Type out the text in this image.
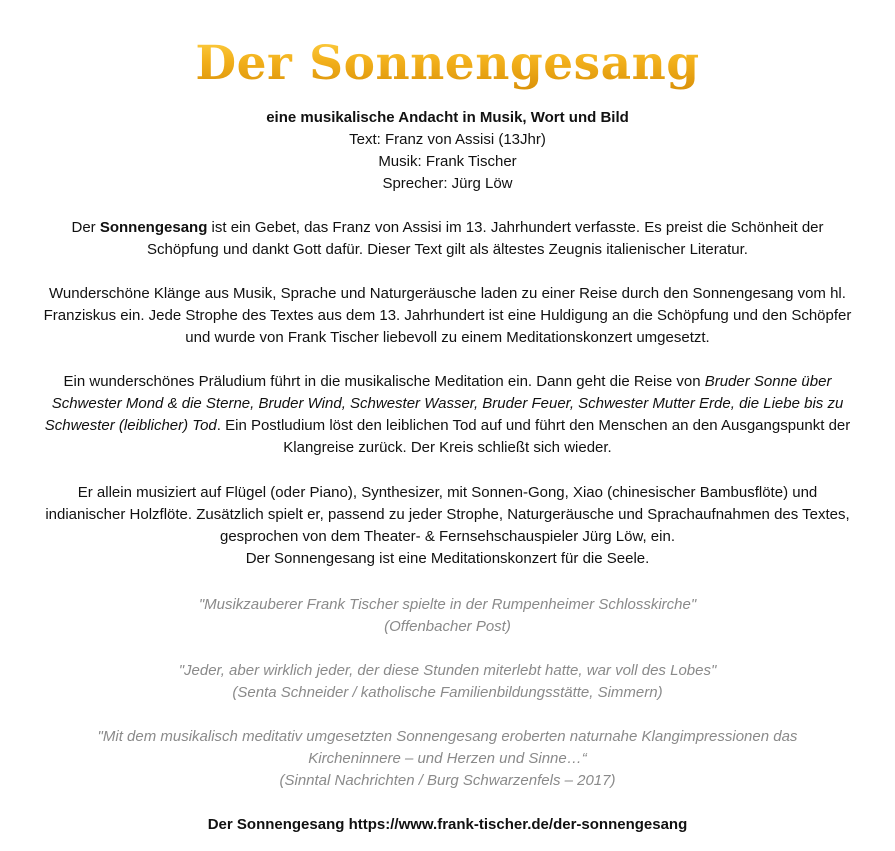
Der Sonnengesang

eine musikalische Andacht in Musik, Wort und Bild

Text: Franz von Assisi (13Jhr)

Musik: Frank Tischer

Sprecher: Jürg Löw

Der Sonnengesang ist ein Gebet, das Franz von Assisi im 13. Jahrhundert verfasste. Es preist die Schönheit der Schöpfung und dankt Gott dafür. Dieser Text gilt als ältestes Zeugnis italienischer Literatur.

Wunderschöne Klänge aus Musik, Sprache und Naturgeräusche laden zu einer Reise durch den Sonnengesang vom hl. Franziskus ein. Jede Strophe des Textes aus dem 13. Jahrhundert ist eine Huldigung an die Schöpfung und den Schöpfer und wurde von Frank Tischer liebevoll zu einem Meditationskonzert umgesetzt.

Ein wunderschönes Präludium führt in die musikalische Meditation ein. Dann geht die Reise von Bruder Sonne über Schwester Mond & die Sterne, Bruder Wind, Schwester Wasser, Bruder Feuer, Schwester Mutter Erde, die Liebe bis zu Schwester (leiblicher) Tod. Ein Postludium löst den leiblichen Tod auf und führt den Menschen an den Ausgangspunkt der Klangreise zurück. Der Kreis schließt sich wieder.

Er allein musiziert auf Flügel (oder Piano), Synthesizer, mit Sonnen-Gong, Xiao (chinesischer Bambusflöte) und indianischer Holzflöte. Zusätzlich spielt er, passend zu jeder Strophe, Naturgeräusche und Sprachaufnahmen des Textes, gesprochen von dem Theater- & Fernsehschauspieler Jürg Löw, ein.

Der Sonnengesang ist eine Meditationskonzert für die Seele.

"Musikzauberer Frank Tischer spielte in der Rumpenheimer Schlosskirche"

(Offenbacher Post)

"Jeder, aber wirklich jeder, der diese Stunden miterlebt hatte, war voll des Lobes"

(Senta Schneider / katholische Familienbildungsstätte, Simmern)

"Mit dem musikalisch meditativ umgesetzten Sonnengesang eroberten naturnahe Klangimpressionen das Kircheninnere – und Herzen und Sinne…“

(Sinntal Nachrichten / Burg Schwarzenfels – 2017)

Der Sonnengesang https://www.frank-tischer.de/der-sonnengesang
